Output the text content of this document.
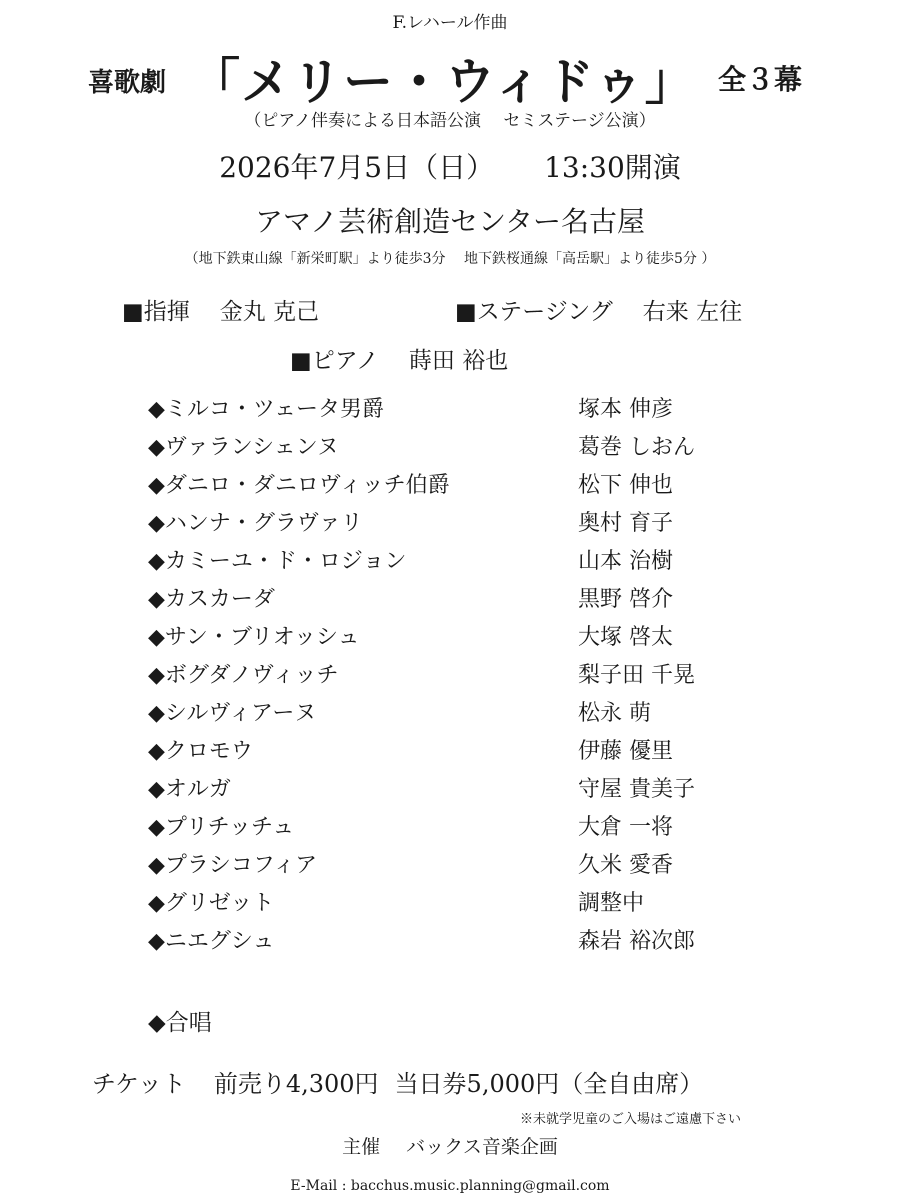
F.レハール作曲
喜歌劇 「メリー・ウィドゥ」 全３幕
（ピアノ伴奏による日本語公演　 セミステージ公演）
2026年7月5日（日） 13:30開演
アマノ芸術創造センター名古屋
（地下鉄東山線「新栄町駅」より徒歩3分　 地下鉄桜通線「高岳駅」より徒歩5分 ）
■指揮 金丸 克己	■ステージング 右来 左往
■ピアノ 蒔田 裕也
◆ミルコ・ツェータ男爵	塚本 伸彦
◆ヴァランシェンヌ	葛巻 しおん
◆ダニロ・ダニロヴィッチ伯爵	松下 伸也
◆ハンナ・グラヴァリ	奥村 育子
◆カミーユ・ド・ロジョン	山本 治樹
◆カスカーダ	黒野 啓介
◆サン・ブリオッシュ	大塚 啓太
◆ボグダノヴィッチ	梨子田 千晃
◆シルヴィアーヌ	松永 萌
◆クロモウ	伊藤 優里
◆オルガ	守屋 貴美子
◆プリチッチュ	大倉 一将
◆プラシコフィア	久米 愛香
◆グリゼット	調整中
◆ニエグシュ	森岩 裕次郎
◆合唱
チケット 前売り4,300円 当日券5,000円（全自由席）
※未就学児童のご入場はご遠慮下さい
主催 バックス音楽企画
E-Mail : bacchus.music.planning@gmail.com
